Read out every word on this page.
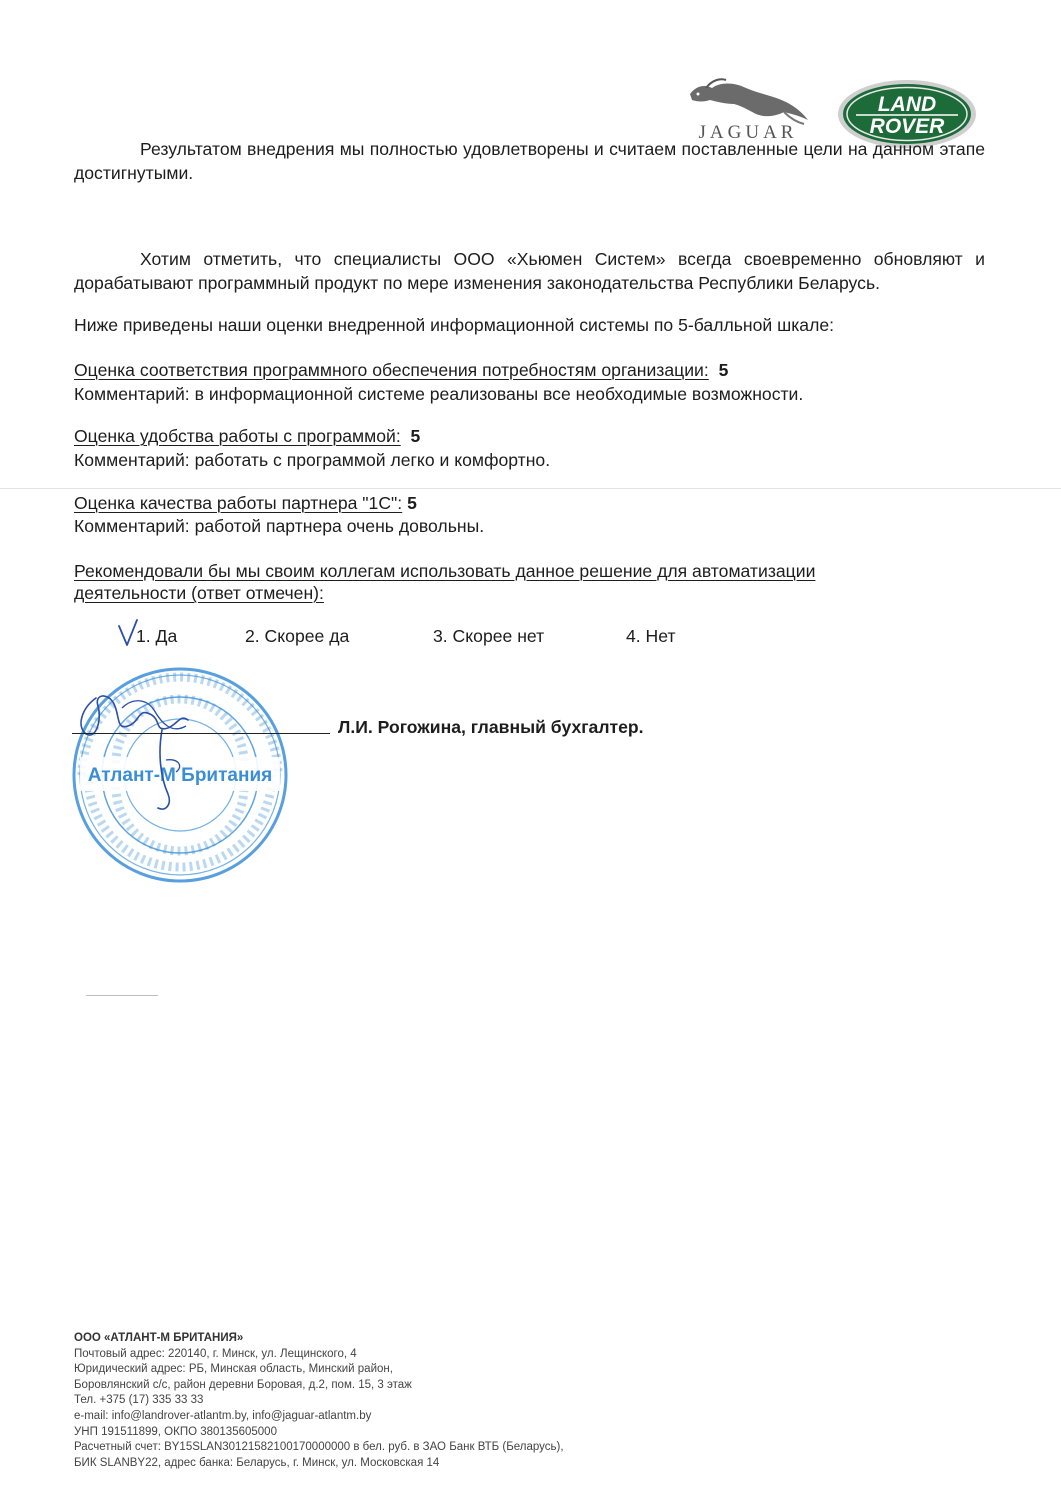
JAGUAR
LAND
ROVER
Результатом внедрения мы полностью удовлетворены и считаем поставленные цели на данном этапе достигнутыми.
Хотим отметить, что специалисты ООО «Хьюмен Систем» всегда своевременно обновляют и дорабатывают программный продукт по мере изменения законодательства Республики Беларусь.
Ниже приведены наши оценки внедренной информационной системы по 5-балльной шкале:
Оценка соответствия программного обеспечения потребностям организации: 5
Комментарий: в информационной системе реализованы все необходимые возможности.
Оценка удобства работы с программой: 5
Комментарий: работать с программой легко и комфортно.
Оценка качества работы партнера "1С": 5
Комментарий: работой партнера очень довольны.
Рекомендовали бы мы своим коллегам использовать данное решение для автоматизации
деятельности (ответ отмечен):
1. Да	2. Скорее да	3. Скорее нет	4. Нет
Атлант-М Британия
Л.И. Рогожина, главный бухгалтер.
ООО «АТЛАНТ-М БРИТАНИЯ»
Почтовый адрес: 220140, г. Минск, ул. Лещинского, 4
Юридический адрес: РБ, Минская область, Минский район,
Боровлянский с/с, район деревни Боровая, д.2, пом. 15, 3 этаж
Тел. +375 (17) 335 33 33
e-mail: info@landrover-atlantm.by, info@jaguar-atlantm.by
УНП 191511899, ОКПО 380135605000
Расчетный счет: BY15SLAN30121582100170000000 в бел. руб. в ЗАО Банк ВТБ (Беларусь),
БИК SLANBY22, адрес банка: Беларусь, г. Минск, ул. Московская 14
